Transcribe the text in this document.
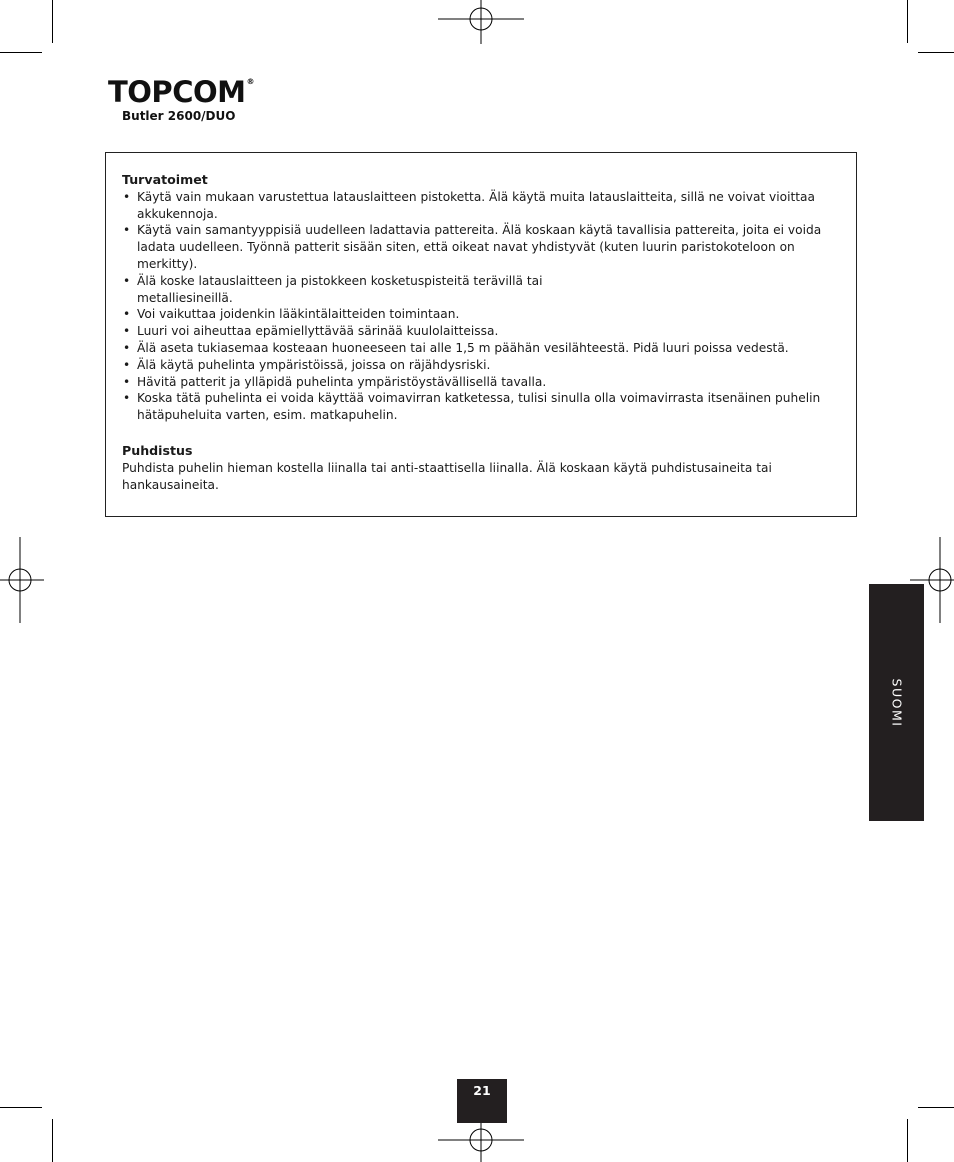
TOPCOM®
Butler 2600/DUO

Turvatoimet

• Käytä vain mukaan varustettua latauslaitteen pistoketta. Älä käytä muita latauslaitteita, sillä ne voivat vioittaa
akkukennoja.
• Käytä vain samantyyppisiä uudelleen ladattavia pattereita. Älä koskaan käytä tavallisia pattereita, joita ei voida
ladata uudelleen. Työnnä patterit sisään siten, että oikeat navat yhdistyvät (kuten luurin paristokoteloon on
merkitty).
• Älä koske latauslaitteen ja pistokkeen kosketuspisteitä terävillä tai
metalliesineillä.
• Voi vaikuttaa joidenkin lääkintälaitteiden toimintaan.
• Luuri voi aiheuttaa epämiellyttävää särinää kuulolaitteissa.
• Älä aseta tukiasemaa kosteaan huoneeseen tai alle 1,5 m päähän vesilähteestä. Pidä luuri poissa vedestä.
• Älä käytä puhelinta ympäristöissä, joissa on räjähdysriski.
• Hävitä patterit ja ylläpidä puhelinta ympäristöystävällisellä tavalla.
• Koska tätä puhelinta ei voida käyttää voimavirran katketessa, tulisi sinulla olla voimavirrasta itsenäinen puhelin
hätäpuheluita varten, esim. matkapuhelin.

Puhdistus

Puhdista puhelin hieman kostella liinalla tai anti-staattisella liinalla. Älä koskaan käytä puhdistusaineita tai
hankausaineita.

SUOMI
21
